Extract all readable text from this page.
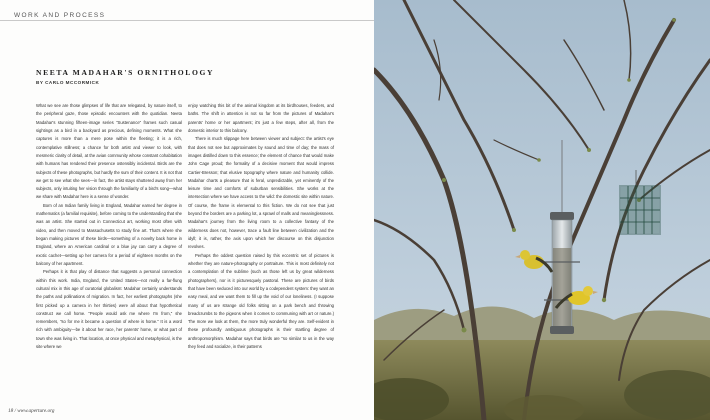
WORK AND PROCESS
NEETA MADAHAR'S ORNITHOLOGY
BY CARLO MCCORMICK

What we see are those glimpses of life that are relegated, by nature itself, to the peripheral gaze, those episodic encounters with the quotidian. Neeta Madahar's stunning fifteen-image series "Sustenance" frames such casual sightings as a bird in a backyard as precious, defining moments. What she captures is more than a mere pose within the fleeting; it is a rich, contemplative stillness; a chance for both artist and viewer to look, with mesmeric clarity of detail, at the avian community whose constant cohabitation with humans has rendered their presence ostensibly incidental. Birds are the subjects of these photographs, but hardly the sum of their content. It is not that we get to see what she sees—in fact, the artist stays shuttered away from her subjects, only intuiting her vision through the familiarity of a bird's song—what we share with Madahar here is a sense of wonder.

Born of an Indian family living in England, Madahar earned her degree in mathematics (a familial requisite), before coming to the understanding that she was an artist. She started out in Connecticut art, working most often with video, and then moved to Massachusetts to study fine art. That's where she began making pictures of these birds—something of a novelty back home in England, where an American cardinal or a blue jay can carry a degree of exotic cachet—setting up her camera for a period of eighteen months on the balcony of her apartment.

Perhaps it is that play of distance that suggests a personal connection within this work. India, England, the United States—not really a far-flung cultural mix in this age of curatorial globalism: Madahar certainly understands the paths and pollinations of migration. In fact, her earliest photographs (she first picked up a camera in her thirties) were all about that hypothetical construct we call home. "People would ask me where I'm from," she remembers, "so for me it became a question of where is home." It is a word rich with ambiguity—be it about her race, her parents' home, or what part of town she was living in. That location, at once physical and metaphysical, is the site where we

enjoy watching this bit of the animal kingdom at its birdhouses, feeders, and baths. The shift in attention is not so far from the pictures of Madahar's parents' home or her apartment; it's just a few steps, after all, from the domestic interior to this balcony.

There is much slippage here between viewer and subject: the artist's eye that does not see but approximates by sound and time of day; the mass of images distilled down to this essence; the element of chance that would make John Cage proud; the formality of a decisive moment that would impress Cartier-Bresson; that elusive topography where nature and humanity collide. Madahar charts a pleasure that is feral, unpredictable, yet eminently of the leisure time and comforts of suburban sensibilities. She works at the intersection where we have access to the wild: the domestic site within nature. Of course, the frame is elemental to this fiction. We do not see that just beyond the borders are a parking lot, a sprawl of malls and meaninglessness. Madahar's journey from the living room to a collective fantasy of the wilderness does not, however, trace a fault line between civilization and the idyll; it is, rather, the axis upon which her discourse on this disjunction revolves.

Perhaps the oddest question raised by this eccentric set of pictures is whether they are nature-photography or portraiture. This is most definitely not a contemplation of the sublime (such as those left us by great wilderness photographers), nor is it picturesquely pastoral. These are pictures of birds that have been seduced into our world by a codependent system: they want an easy meal, and we want them to fill up the void of our loneliness. (I suppose many of us are strange old folks sitting on a park bench and throwing breadcrumbs to the pigeons when it comes to communing with art or nature.) The more we look at them, the more truly wonderful they are. Self-evident in these profoundly ambiguous photographs is their startling degree of anthropomorphism. Madahar says that birds are "so similar to us in the way they feed and socialize, in their patterns

18 / www.aperture.org
